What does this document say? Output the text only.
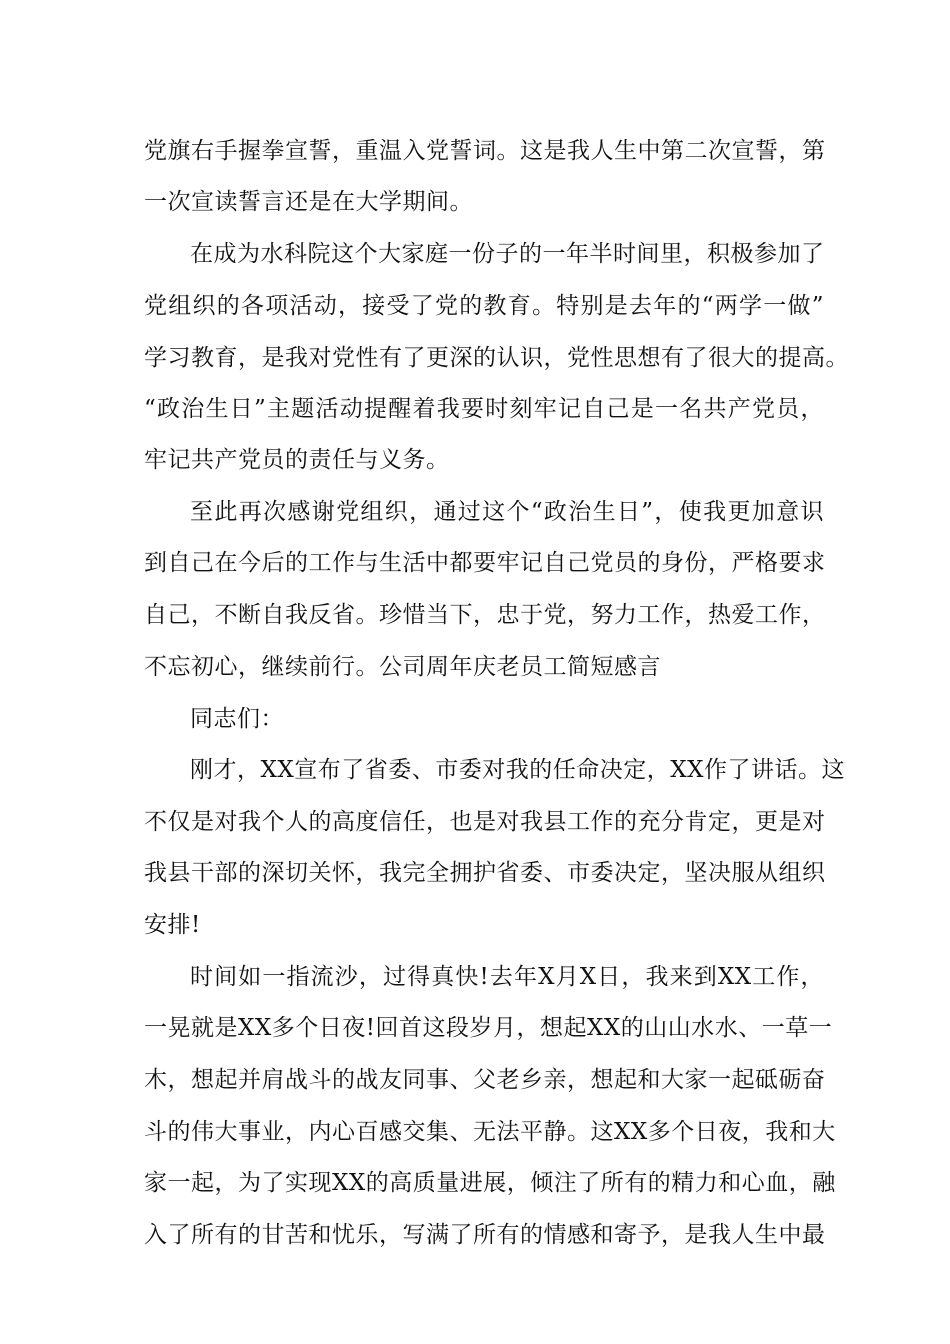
党旗右手握拳宣誓，重温入党誓词。这是我人生中第二次宣誓，第
一次宣读誓言还是在大学期间。
在成为水科院这个大家庭一份子的一年半时间里，积极参加了
党组织的各项活动，接受了党的教育。特别是去年的“两学一做”
学习教育，是我对党性有了更深的认识，党性思想有了很大的提高。
“政治生日”主题活动提醒着我要时刻牢记自己是一名共产党员，
牢记共产党员的责任与义务。
至此再次感谢党组织，通过这个“政治生日”，使我更加意识
到自己在今后的工作与生活中都要牢记自己党员的身份，严格要求
自己，不断自我反省。珍惜当下，忠于党，努力工作，热爱工作，
不忘初心，继续前行。公司周年庆老员工简短感言
同志们：
刚才，XX宣布了省委、市委对我的任命决定，XX作了讲话。这
不仅是对我个人的高度信任，也是对我县工作的充分肯定，更是对
我县干部的深切关怀，我完全拥护省委、市委决定，坚决服从组织
安排!
时间如一指流沙，过得真快!去年X月X日，我来到XX工作，
一晃就是XX多个日夜!回首这段岁月，想起XX的山山水水、一草一
木，想起并肩战斗的战友同事、父老乡亲，想起和大家一起砥砺奋
斗的伟大事业，内心百感交集、无法平静。这XX多个日夜，我和大
家一起，为了实现XX的高质量进展，倾注了所有的精力和心血，融
入了所有的甘苦和忧乐，写满了所有的情感和寄予，是我人生中最
